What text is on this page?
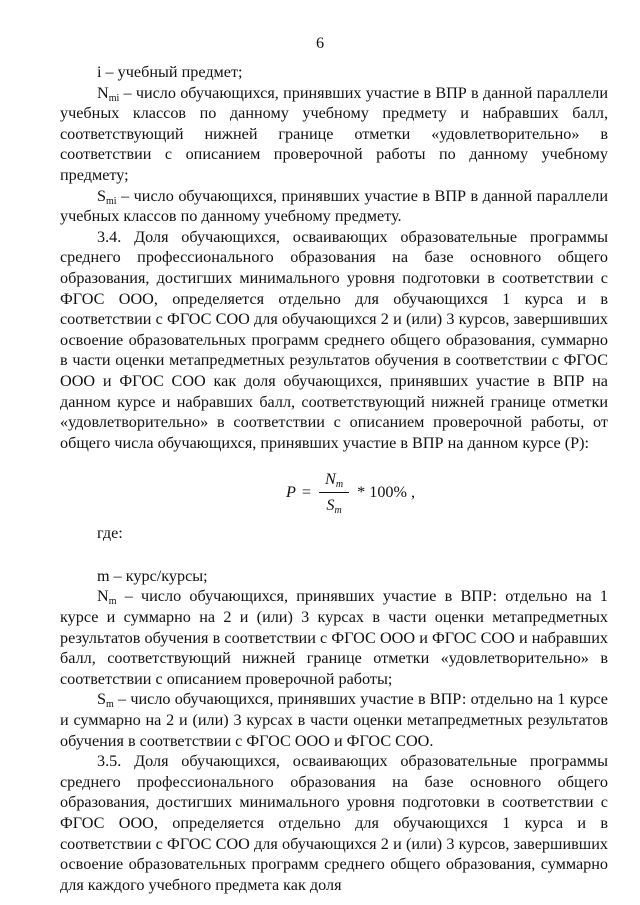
6

i – учебный предмет;

$N_{mi}$ – число обучающихся, принявших участие в ВПР в данной параллели учебных классов по данному учебному предмету и набравших балл, соответствующий нижней границе отметки «удовлетворительно» в соответствии с описанием проверочной работы по данному учебному предмету;

$S_{mi}$ – число обучающихся, принявших участие в ВПР в данной параллели учебных классов по данному учебному предмету.

3.4. Доля обучающихся, осваивающих образовательные программы среднего профессионального образования на базе основного общего образования, достигших минимального уровня подготовки в соответствии с ФГОС ООО, определяется отдельно для обучающихся 1 курса и в соответствии с ФГОС СОО для обучающихся 2 и (или) 3 курсов, завершивших освоение образовательных программ среднего общего образования, суммарно в части оценки метапредметных результатов обучения в соответствии с ФГОС ООО и ФГОС СОО как доля обучающихся, принявших участие в ВПР на данном курсе и набравших балл, соответствующий нижней границе отметки «удовлетворительно» в соответствии с описанием проверочной работы, от общего числа обучающихся, принявших участие в ВПР на данном курсе (P):

$P = \frac{N_m}{S_m} * 100\%$ ,

где:

m – курс/курсы;

$N_m$ – число обучающихся, принявших участие в ВПР: отдельно на 1 курсе и суммарно на 2 и (или) 3 курсах в части оценки метапредметных результатов обучения в соответствии с ФГОС ООО и ФГОС СОО и набравших балл, соответствующий нижней границе отметки «удовлетворительно» в соответствии с описанием проверочной работы;

$S_m$ – число обучающихся, принявших участие в ВПР: отдельно на 1 курсе и суммарно на 2 и (или) 3 курсах в части оценки метапредметных результатов обучения в соответствии с ФГОС ООО и ФГОС СОО.

3.5. Доля обучающихся, осваивающих образовательные программы среднего профессионального образования на базе основного общего образования, достигших минимального уровня подготовки в соответствии с ФГОС ООО, определяется отдельно для обучающихся 1 курса и в соответствии с ФГОС СОО для обучающихся 2 и (или) 3 курсов, завершивших освоение образовательных программ среднего общего образования, суммарно для каждого учебного предмета как доля
